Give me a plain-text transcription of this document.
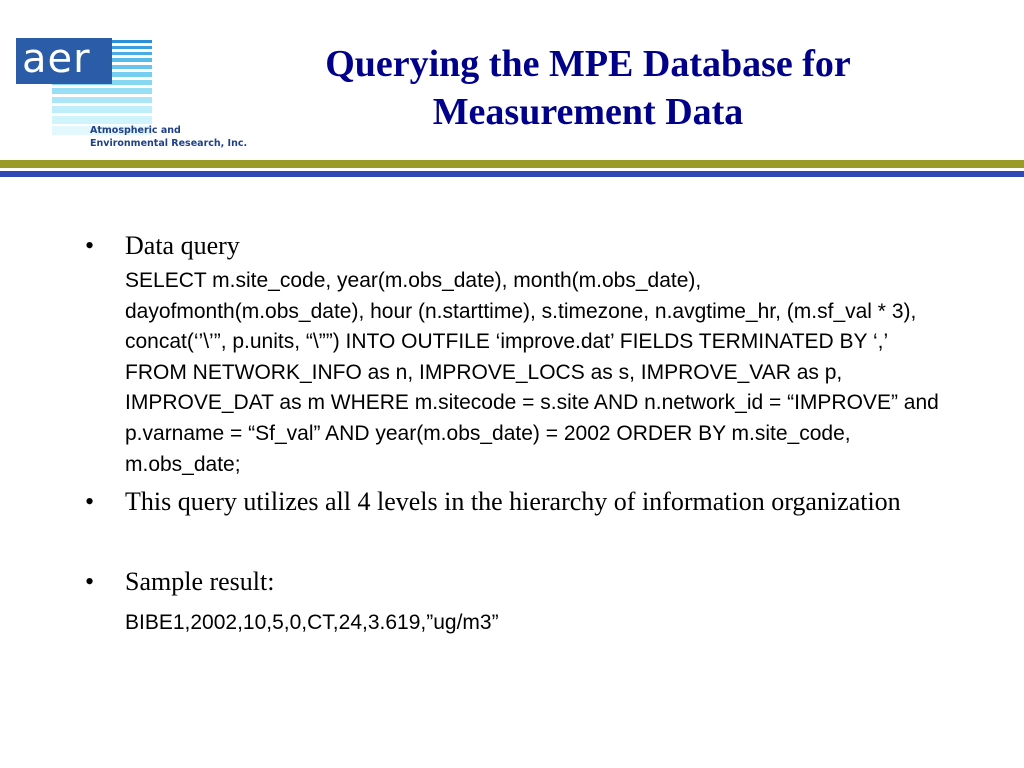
aer
Atmospheric and
Environmental Research, Inc.
Querying the MPE Database for
Measurement Data
• Data query
SELECT m.site_code, year(m.obs_date), month(m.obs_date), dayofmonth(m.obs_date), hour (n.starttime), s.timezone, n.avgtime_hr, (m.sf_val * 3), concat(‘’\’”, p.units, “\””) INTO OUTFILE ‘improve.dat’ FIELDS TERMINATED BY ‘,’ FROM NETWORK_INFO as n, IMPROVE_LOCS as s, IMPROVE_VAR as p, IMPROVE_DAT as m WHERE m.sitecode = s.site AND n.network_id = “IMPROVE” and p.varname = “Sf_val” AND year(m.obs_date) = 2002 ORDER BY m.site_code, m.obs_date;
• This query utilizes all 4 levels in the hierarchy of information organization
• Sample result:
BIBE1,2002,10,5,0,CT,24,3.619,”ug/m3”
